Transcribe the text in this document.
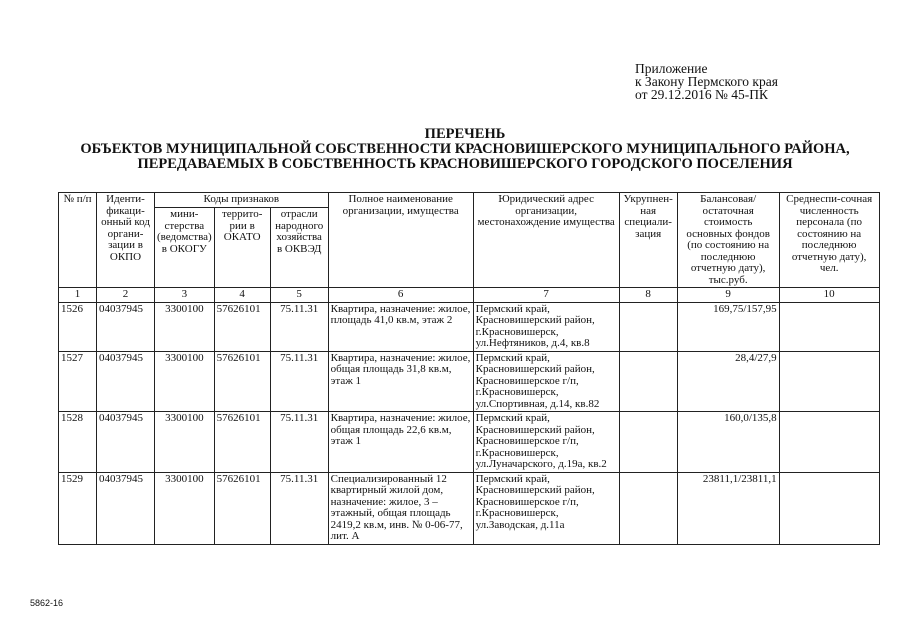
Приложение
к Закону Пермского края
от 29.12.2016 № 45-ПК
ПЕРЕЧЕНЬ
ОБЪЕКТОВ МУНИЦИПАЛЬНОЙ СОБСТВЕННОСТИ КРАСНОВИШЕРСКОГО МУНИЦИПАЛЬНОГО РАЙОНА,
ПЕРЕДАВАЕМЫХ В СОБСТВЕННОСТЬ КРАСНОВИШЕРСКОГО ГОРОДСКОГО ПОСЕЛЕНИЯ
№ п/п	Иденти-фикаци-онный код органи-зации в ОКПО	Коды признаков			Полное наименование организации, имущества	Юридический адрес организации, местонахождение имущества	Укрупнен-ная специали-зация	Балансовая/ остаточная стоимость основных фондов (по состоянию на последнюю отчетную дату), тыс.руб.	Среднеспи-сочная численность персонала (по состоянию на последнюю отчетную дату), чел.
		мини-стерства (ведомства) в ОКОГУ	террито-рии в ОКАТО	отрасли народного хозяйства в ОКВЭД					
1	2	3	4	5	6	7	8	9	10
1526	04037945	3300100	57626101	75.11.31	Квартира, назначение: жилое, площадь 41,0 кв.м, этаж 2	Пермский край, Красновишерский район, г.Красновишерск, ул.Нефтяников, д.4, кв.8		169,75/157,95	
1527	04037945	3300100	57626101	75.11.31	Квартира, назначение: жилое, общая площадь 31,8 кв.м, этаж 1	Пермский край, Красновишерский район, Красновишерское г/п, г.Красновишерск, ул.Спортивная, д.14, кв.82		28,4/27,9	
1528	04037945	3300100	57626101	75.11.31	Квартира, назначение: жилое, общая площадь 22,6 кв.м, этаж 1	Пермский край, Красновишерский район, Красновишерское г/п, г.Красновишерск, ул.Луначарского, д.19а, кв.2		160,0/135,8	
1529	04037945	3300100	57626101	75.11.31	Специализированный 12 квартирный жилой дом, назначение: жилое, 3 – этажный, общая площадь 2419,2 кв.м, инв. № 0-06-77, лит. А	Пермский край, Красновишерский район, Красновишерское г/п, г.Красновишерск, ул.Заводская, д.11а		23811,1/23811,1	
5862-16
